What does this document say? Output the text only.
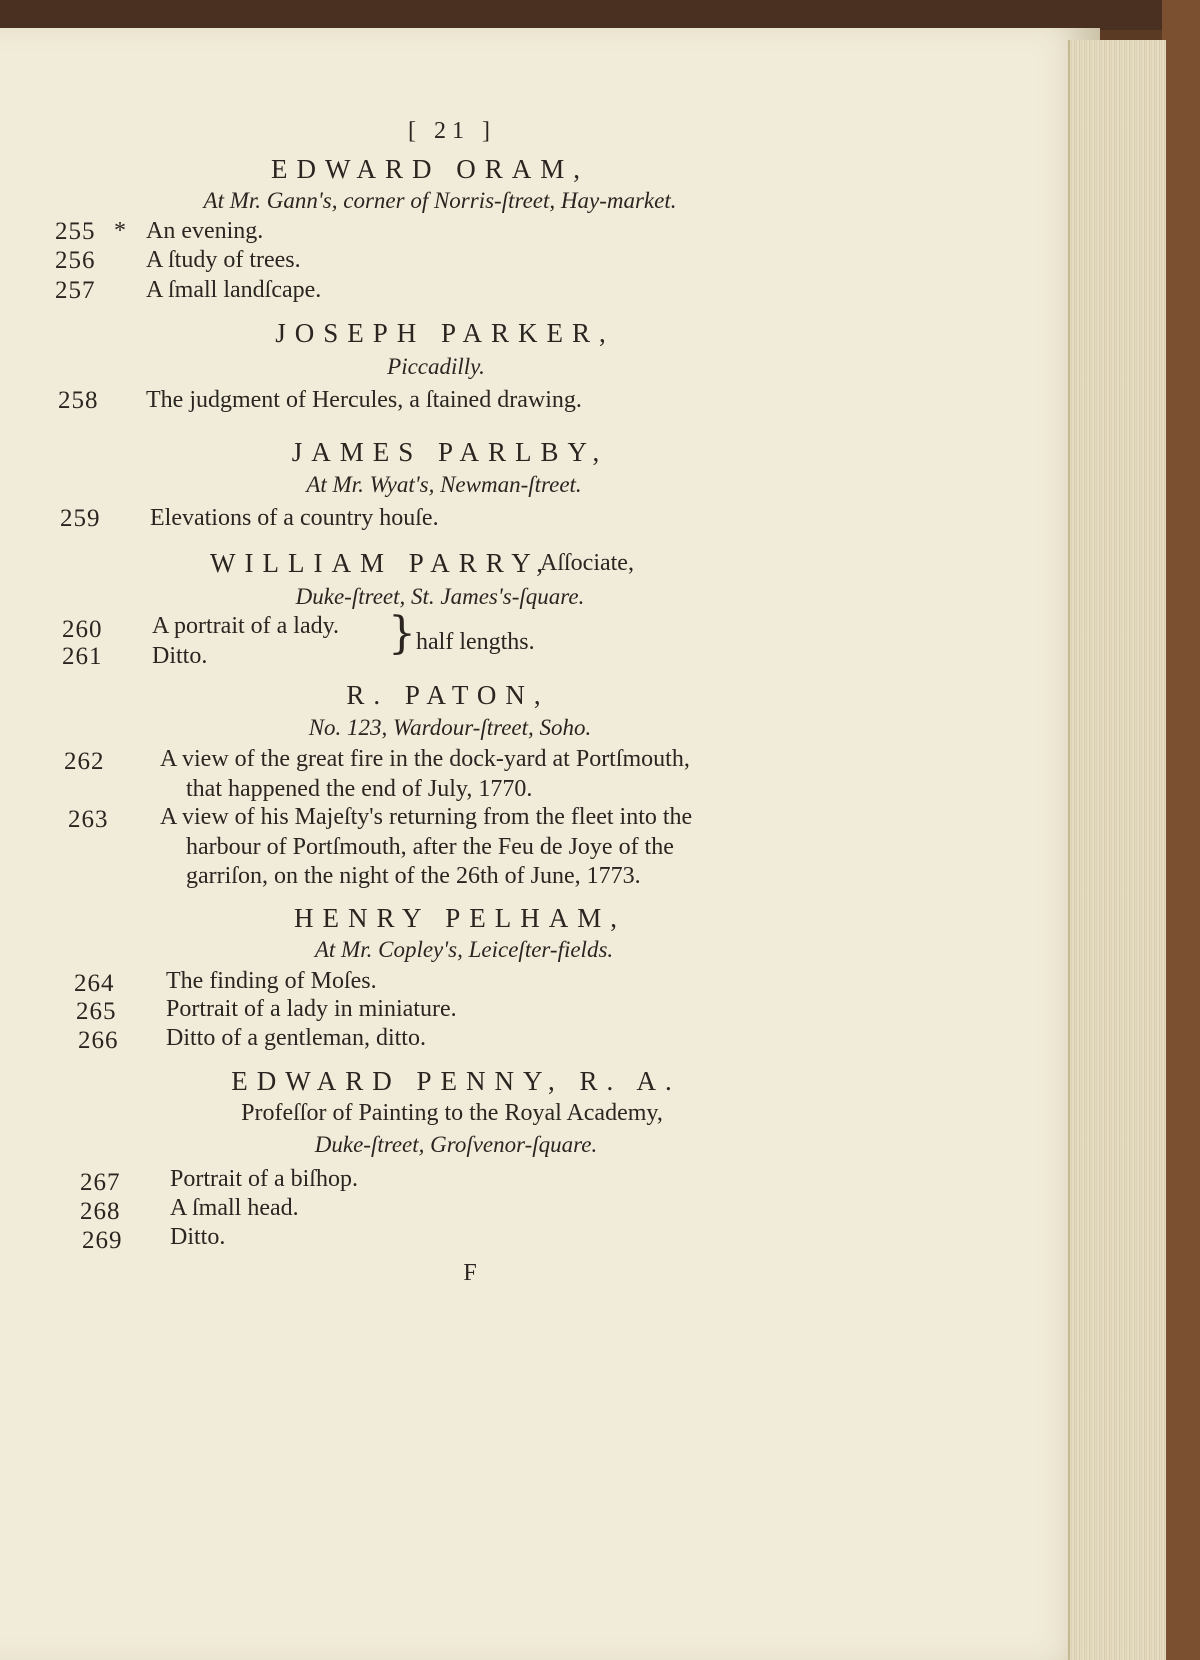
[ 21 ]
EDWARD ORAM,
At Mr. Gann's, corner of Norris-ſtreet, Hay-market.
255 * An evening.
256 A ſtudy of trees.
257 A ſmall landſcape.
JOSEPH PARKER,
Piccadilly.
258 The judgment of Hercules, a ſtained drawing.
JAMES PARLBY,
At Mr. Wyat's, Newman-ſtreet.
259 Elevations of a country houſe.
WILLIAM PARRY,
Aſſociate,
Duke-ſtreet, St. James's-ſquare.
260 A portrait of a lady.
261 Ditto.	} half lengths.
R. PATON,
No. 123, Wardour-ſtreet, Soho.
262 A view of the great fire in the dock-yard at Portſmouth,
that happened the end of July, 1770.
263 A view of his Majeſty's returning from the fleet into the
harbour of Portſmouth, after the Feu de Joye of the
garriſon, on the night of the 26th of June, 1773.
HENRY PELHAM,
At Mr. Copley's, Leiceſter-fields.
264 The finding of Moſes.
265 Portrait of a lady in miniature.
266 Ditto of a gentleman, ditto.
EDWARD PENNY, R. A.
Profeſſor of Painting to the Royal Academy,
Duke-ſtreet, Groſvenor-ſquare.
267 Portrait of a biſhop.
268 A ſmall head.
269 Ditto.
F
